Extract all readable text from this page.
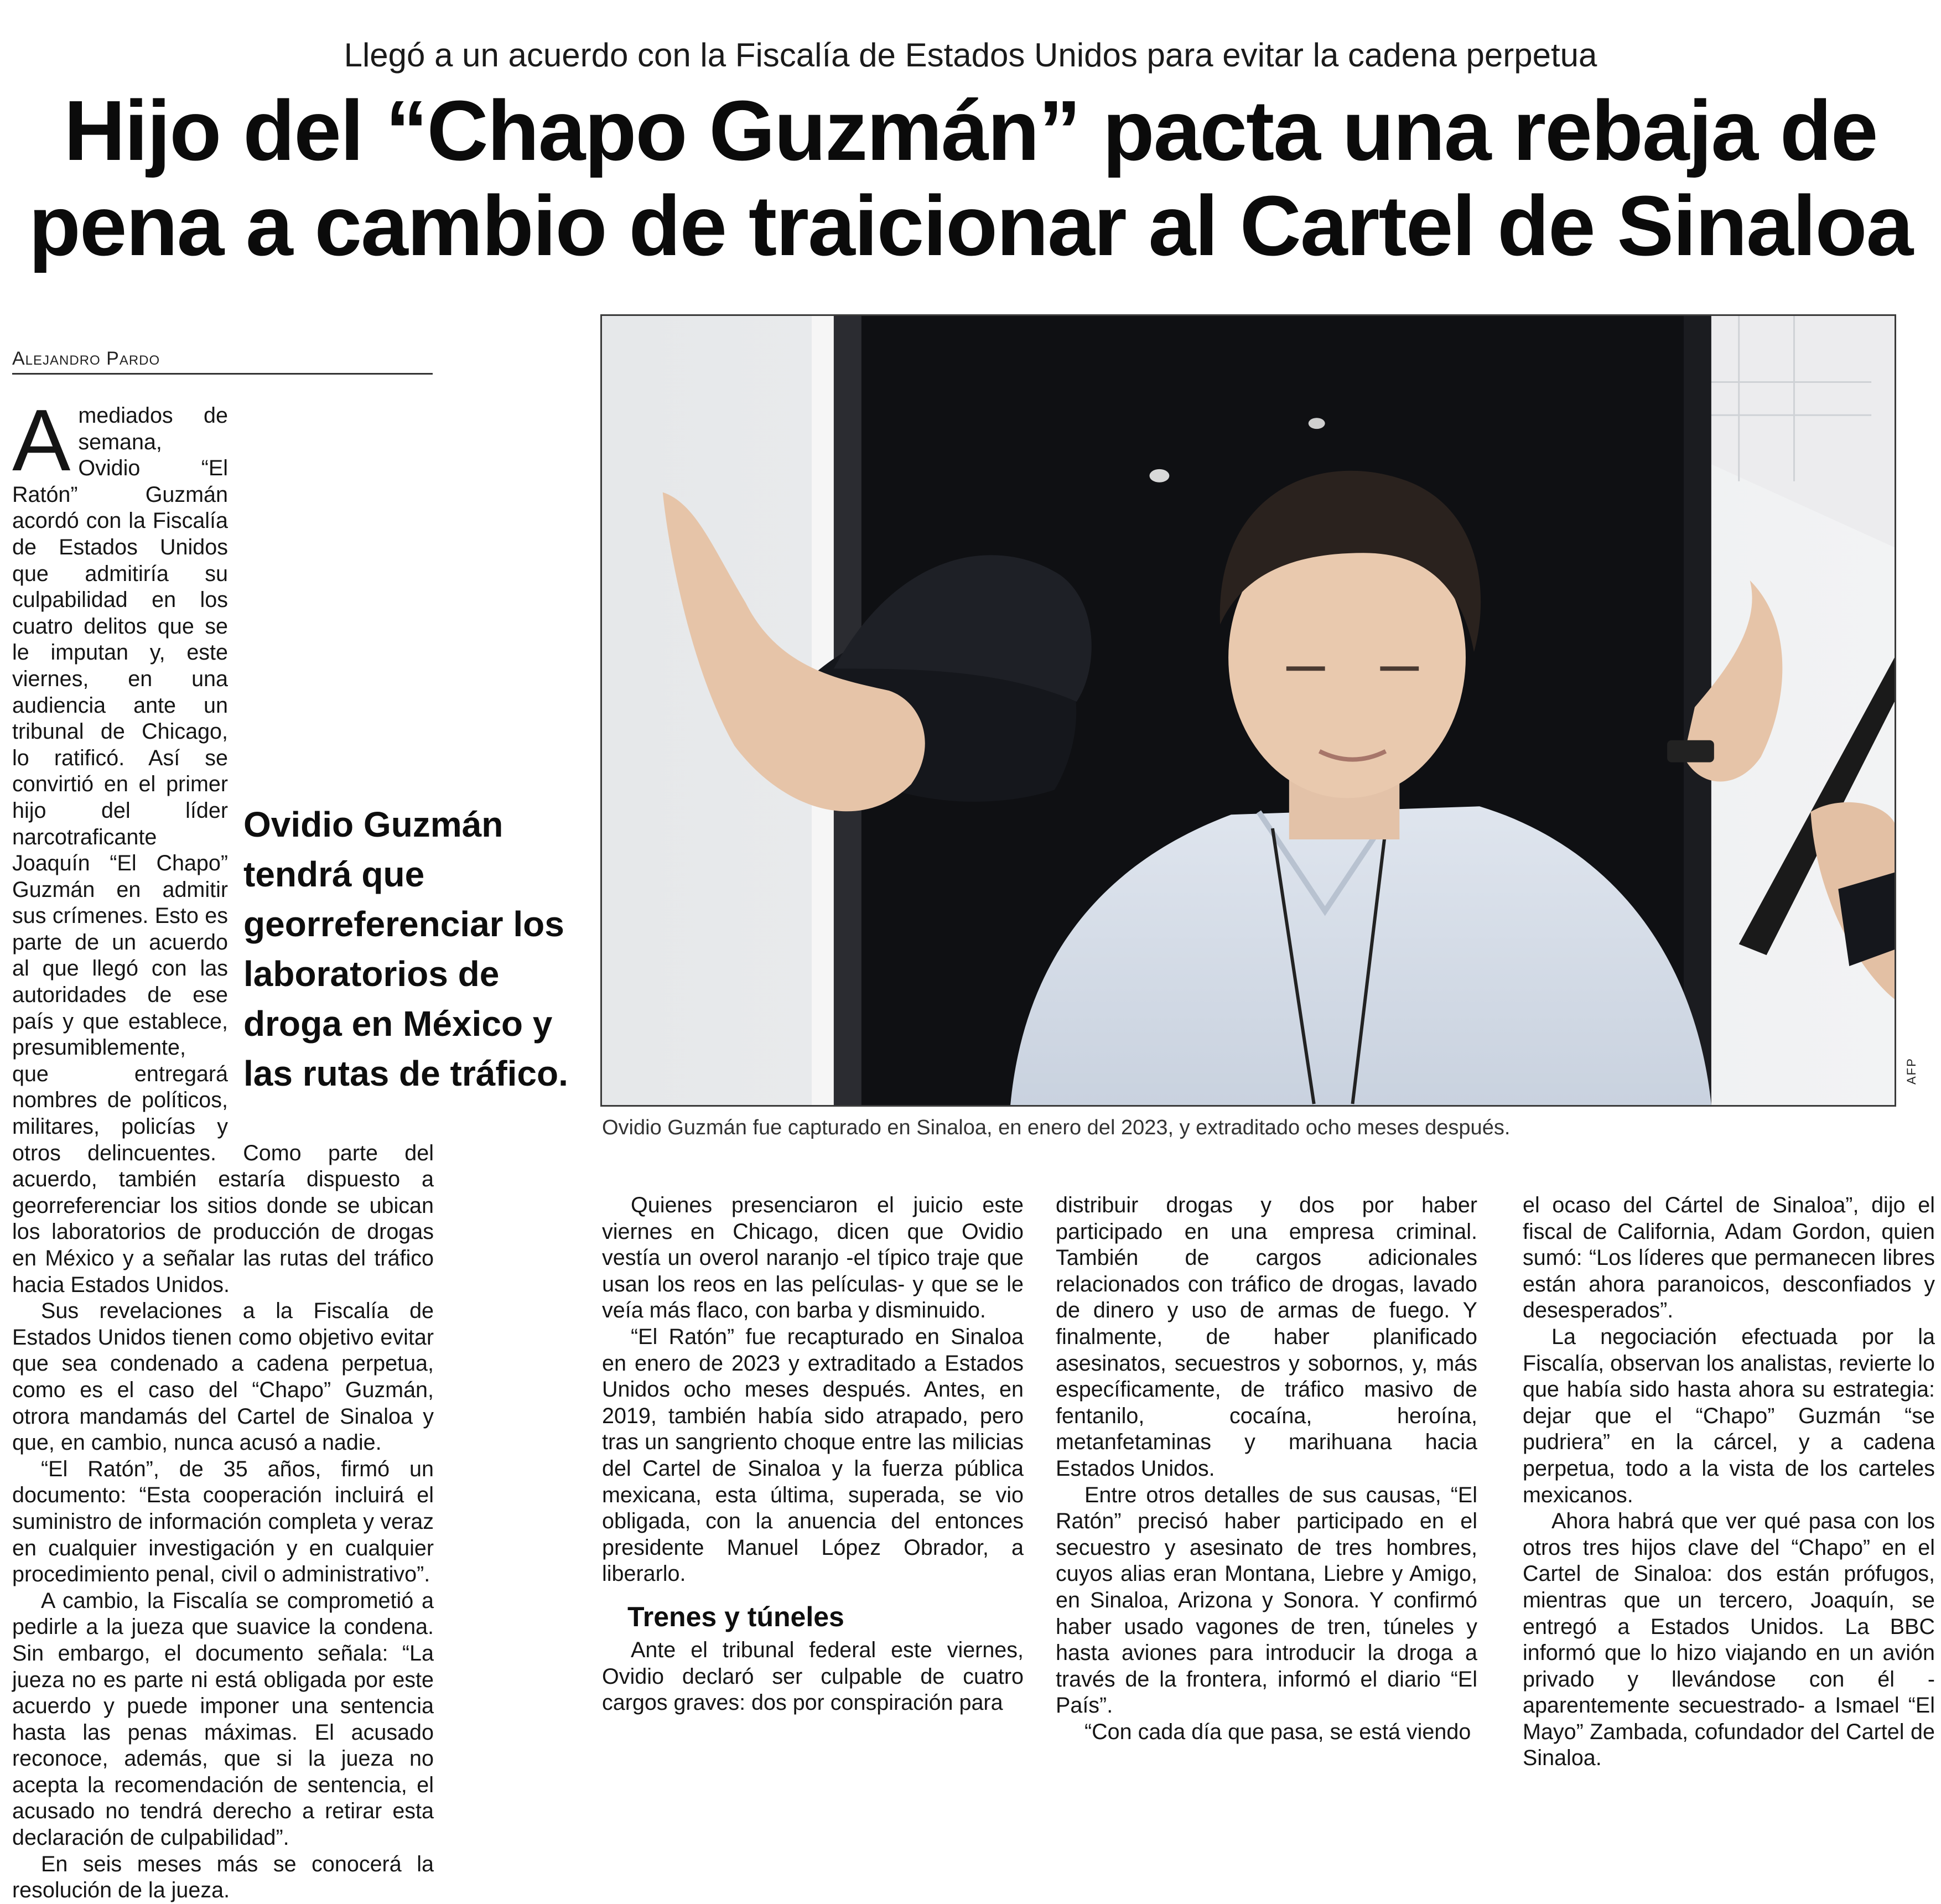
Llegó a un acuerdo con la Fiscalía de Estados Unidos para evitar la cadena perpetua
Hijo del “Chapo Guzmán” pacta una rebaja de pena a cambio de traicionar al Cartel de Sinaloa
Alejandro Pardo
A mediados de semana, Ovidio “El Ratón” Guzmán acordó con la Fiscalía de Estados Unidos que admitiría su culpabilidad en los cuatro delitos que se le imputan y, este viernes, en una audiencia ante un tribunal de Chicago, lo ratificó. Así se convirtió en el primer hijo del líder narcotraficante Joaquín “El Chapo” Guzmán en admitir sus crímenes. Esto es parte de un acuerdo al que llegó con las autoridades de ese país y que establece, presumiblemente, que entregará nombres de políticos, militares, policías y otros delincuentes. Como parte del acuerdo, también estaría dispuesto a georreferenciar los sitios donde se ubican los laboratorios de producción de drogas en México y a señalar las rutas del tráfico hacia Estados Unidos.

Sus revelaciones a la Fiscalía de Estados Unidos tienen como objetivo evitar que sea condenado a cadena perpetua, como es el caso del “Chapo” Guzmán, otrora mandamás del Cartel de Sinaloa y que, en cambio, nunca acusó a nadie.

“El Ratón”, de 35 años, firmó un documento: “Esta cooperación incluirá el suministro de información completa y veraz en cualquier investigación y en cualquier procedimiento penal, civil o administrativo”.

A cambio, la Fiscalía se comprometió a pedirle a la jueza que suavice la condena. Sin embargo, el documento señala: “La jueza no es parte ni está obligada por este acuerdo y puede imponer una sentencia hasta las penas máximas. El acusado reconoce, además, que si la jueza no acepta la recomendación de sentencia, el acusado no tendrá derecho a retirar esta declaración de culpabilidad”.

En seis meses más se conocerá la resolución de la jueza.

Ovidio Guzmán tendrá que georreferenciar los laboratorios de droga en México y las rutas de tráfico.	AFP
Ovidio Guzmán fue capturado en Sinaloa, en enero del 2023, y extraditado ocho meses después.

Quienes presenciaron el juicio este viernes en Chicago, dicen que Ovidio vestía un overol naranjo -el típico traje que usan los reos en las películas- y que se le veía más flaco, con barba y disminuido.

“El Ratón” fue recapturado en Sinaloa en enero de 2023 y extraditado a Estados Unidos ocho meses después. Antes, en 2019, también había sido atrapado, pero tras un sangriento choque entre las milicias del Cartel de Sinaloa y la fuerza pública mexicana, esta última, superada, se vio obligada, con la anuencia del entonces presidente Manuel López Obrador, a liberarlo.

Trenes y túneles

Ante el tribunal federal este viernes, Ovidio declaró ser culpable de cuatro cargos graves: dos por conspiración para

distribuir drogas y dos por haber participado en una empresa criminal. También de cargos adicionales relacionados con tráfico de drogas, lavado de dinero y uso de armas de fuego. Y finalmente, de haber planificado asesinatos, secuestros y sobornos, y, más específicamente, de tráfico masivo de fentanilo, cocaína, heroína, metanfetaminas y marihuana hacia Estados Unidos.

Entre otros detalles de sus causas, “El Ratón” precisó haber participado en el secuestro y asesinato de tres hombres, cuyos alias eran Montana, Liebre y Amigo, en Sinaloa, Arizona y Sonora. Y confirmó haber usado vagones de tren, túneles y hasta aviones para introducir la droga a través de la frontera, informó el diario “El País”.

“Con cada día que pasa, se está viendo

el ocaso del Cártel de Sinaloa”, dijo el fiscal de California, Adam Gordon, quien sumó: “Los líderes que permanecen libres están ahora paranoicos, desconfiados y desesperados”.

La negociación efectuada por la Fiscalía, observan los analistas, revierte lo que había sido hasta ahora su estrategia: dejar que el “Chapo” Guzmán “se pudriera” en la cárcel, y a cadena perpetua, todo a la vista de los carteles mexicanos.

Ahora habrá que ver qué pasa con los otros tres hijos clave del “Chapo” en el Cartel de Sinaloa: dos están prófugos, mientras que un tercero, Joaquín, se entregó a Estados Unidos. La BBC informó que lo hizo viajando en un avión privado y llevándose con él -aparentemente secuestrado- a Ismael “El Mayo” Zambada, cofundador del Cartel de Sinaloa.
